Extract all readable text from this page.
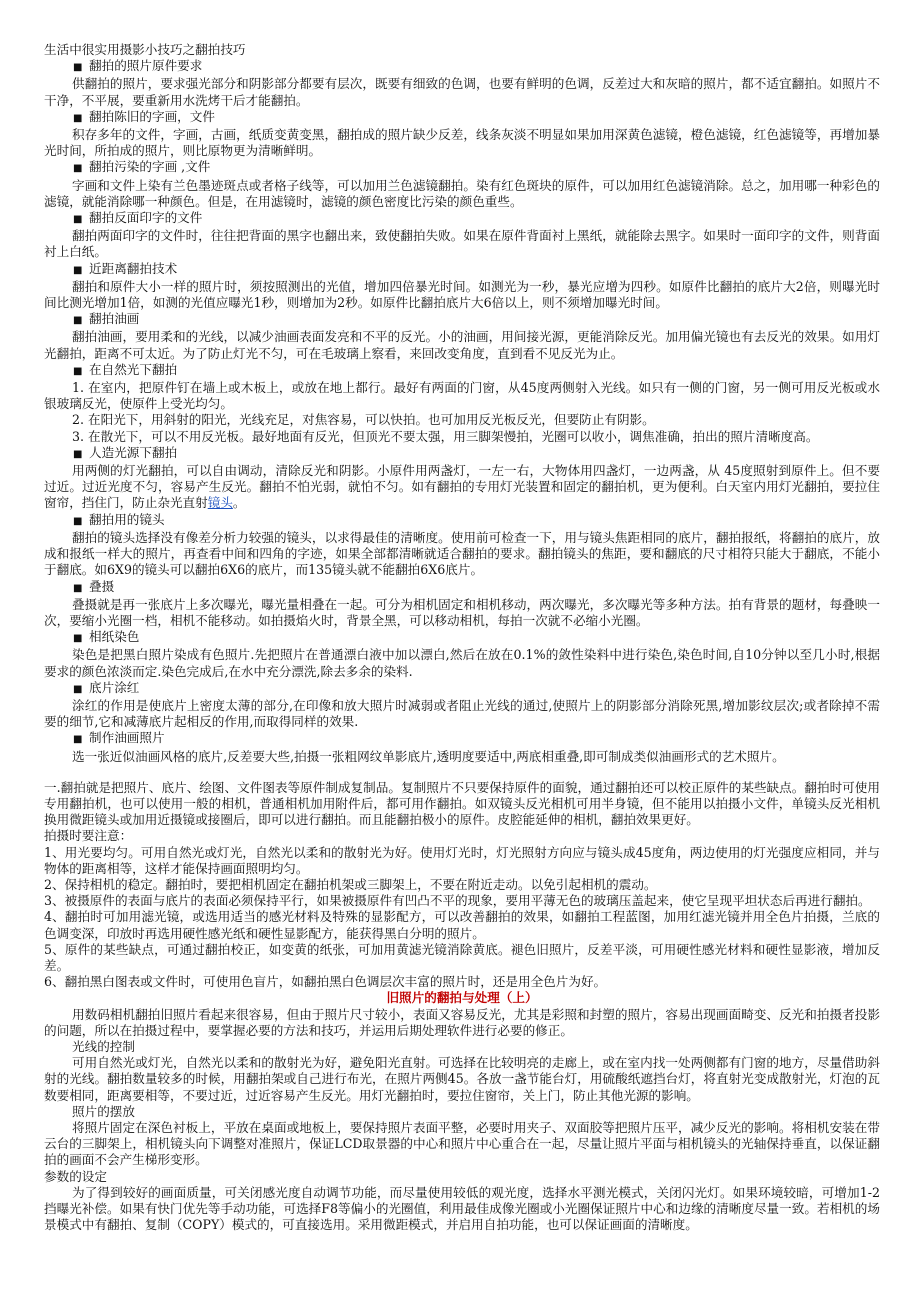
生活中很实用摄影小技巧之翻拍技巧

■ 翻拍的照片原件要求

供翻拍的照片，要求强光部分和阴影部分都要有层次，既要有细致的色调，也要有鲜明的色调，反差过大和灰暗的照片，都不适宜翻拍。如照片不干净，不平展，要重新用水洗烤干后才能翻拍。

■ 翻拍陈旧的字画，文件

积存多年的文件，字画，古画，纸质变黄变黑，翻拍成的照片缺少反差，线条灰淡不明显如果加用深黄色滤镜，橙色滤镜，红色滤镜等，再增加暴光时间，所拍成的照片，则比原物更为清晰鲜明。

■ 翻拍污染的字画 ,文件

字画和文件上染有兰色墨迹斑点或者格子线等，可以加用兰色滤镜翻拍。染有红色斑块的原件，可以加用红色滤镜消除。总之，加用哪一种彩色的滤镜，就能消除哪一种颜色。但是，在用滤镜时，滤镜的颜色密度比污染的颜色重些。

■ 翻拍反面印字的文件

翻拍两面印字的文件时，往往把背面的黑字也翻出来，致使翻拍失败。如果在原件背面衬上黑纸，就能除去黑字。如果时一面印字的文件，则背面衬上白纸。

■ 近距离翻拍技术

翻拍和原件大小一样的照片时，须按照测出的光值，增加四倍暴光时间。如测光为一秒，暴光应增为四秒。如原件比翻拍的底片大2倍，则曝光时间比测光增加1倍，如测的光值应曝光1秒，则增加为2秒。如原件比翻拍底片大6倍以上，则不须增加曝光时间。

■ 翻拍油画

翻拍油画，要用柔和的光线，以减少油画表面发亮和不平的反光。小的油画，用间接光源，更能消除反光。加用偏光镜也有去反光的效果。如用灯光翻拍，距离不可太近。为了防止灯光不匀，可在毛玻璃上察看，来回改变角度，直到看不见反光为止。

■ 在自然光下翻拍

1. 在室内，把原件钉在墙上或木板上，或放在地上都行。最好有两面的门窗，从45度两侧射入光线。如只有一侧的门窗，另一侧可用反光板或水银玻璃反光，使原件上受光均匀。

2. 在阳光下，用斜射的阳光，光线充足，对焦容易，可以快拍。也可加用反光板反光，但要防止有阴影。

3. 在散光下，可以不用反光板。最好地面有反光，但顶光不要太强，用三脚架慢拍，光圈可以收小，调焦准确，拍出的照片清晰度高。

■ 人造光源下翻拍

用两侧的灯光翻拍，可以自由调动，清除反光和阴影。小原件用两盏灯，一左一右，大物体用四盏灯，一边两盏，从 45度照射到原件上。但不要过近。过近光度不匀，容易产生反光。翻拍不怕光弱，就怕不匀。如有翻拍的专用灯光装置和固定的翻拍机，更为便利。白天室内用灯光翻拍，要拉住窗帘，挡住门，防止杂光直射镜头。

■ 翻拍用的镜头

翻拍的镜头选择没有像差分析力较强的镜头，以求得最佳的清晰度。使用前可检查一下，用与镜头焦距相同的底片，翻拍报纸，将翻拍的底片，放成和报纸一样大的照片，再查看中间和四角的字迹，如果全部都清晰就适合翻拍的要求。翻拍镜头的焦距，要和翻底的尺寸相符只能大于翻底，不能小于翻底。如6X9的镜头可以翻拍6X6的底片，而135镜头就不能翻拍6X6底片。

■ 叠摄

叠摄就是再一张底片上多次曝光，曝光量相叠在一起。可分为相机固定和相机移动，两次曝光，多次曝光等多种方法。拍有背景的题材，每叠映一次，要缩小光圈一档，相机不能移动。如拍摄焰火时，背景全黑，可以移动相机，每拍一次就不必缩小光圈。

■ 相纸染色

染色是把黑白照片染成有色照片.先把照片在普通漂白液中加以漂白,然后在放在0.1%的敛性染料中进行染色,染色时间,自10分钟以至几小时,根据要求的颜色浓淡而定.染色完成后,在水中充分漂洗,除去多余的染料.

■ 底片涂红

涂红的作用是使底片上密度太薄的部分,在印像和放大照片时减弱或者阻止光线的通过,使照片上的阴影部分消除死黑,增加影纹层次;或者除掉不需要的细节,它和减薄底片起相反的作用,而取得同样的效果.

■ 制作油画照片

选一张近似油画风格的底片,反差要大些,拍摄一张粗网纹单影底片,透明度要适中,两底相重叠,即可制成类似油画形式的艺术照片。

一.翻拍就是把照片、底片、绘图、文件图表等原件制成复制品。复制照片不只要保持原件的面貌，通过翻拍还可以校正原件的某些缺点。翻拍时可使用专用翻拍机，也可以使用一般的相机，普通相机加用附件后，都可用作翻拍。如双镜头反光相机可用半身镜，但不能用以拍摄小文件，单镜头反光相机换用微距镜头或加用近摄镜或接圈后，即可以进行翻拍。而且能翻拍极小的原件。皮腔能延伸的相机，翻拍效果更好。

拍摄时要注意：

1、用光要均匀。可用自然光或灯光，自然光以柔和的散射光为好。使用灯光时，灯光照射方向应与镜头成45度角，两边使用的灯光强度应相同，并与物体的距离相等，这样才能保持画面照明均匀。

2、保持相机的稳定。翻拍时，要把相机固定在翻拍机架或三脚架上，不要在附近走动。以免引起相机的震动。

3、被摄原件的表面与底片的表面必须保持平行，如果被摄原件有凹凸不平的现象，要用平薄无色的玻璃压盖起来，使它呈现平坦状态后再进行翻拍。

4、翻拍时可加用滤光镜，或选用适当的感光材料及特殊的显影配方，可以改善翻拍的效果，如翻拍工程蓝图，加用红滤光镜并用全色片拍摄，兰底的色调变深，印放时再选用硬性感光纸和硬性显影配方，能获得黑白分明的照片。

5、原件的某些缺点，可通过翻拍校正，如变黄的纸张，可加用黄滤光镜消除黄底。褪色旧照片，反差平淡，可用硬性感光材料和硬性显影液，增加反差。

6、翻拍黑白图表或文件时，可使用色盲片，如翻拍黑白色调层次丰富的照片时，还是用全色片为好。

旧照片的翻拍与处理（上）

用数码相机翻拍旧照片看起来很容易，但由于照片尺寸较小，表面又容易反光，尤其是彩照和封塑的照片，容易出现画面畸变、反光和拍摄者投影的问题，所以在拍摄过程中，要掌握必要的方法和技巧，并运用后期处理软件进行必要的修正。

光线的控制

可用自然光或灯光，自然光以柔和的散射光为好，避免阳光直射。可选择在比较明亮的走廊上，或在室内找一处两侧都有门窗的地方，尽量借助斜射的光线。翻拍数量较多的时候，用翻拍架或自己进行布光，在照片两侧45。各放一盏节能台灯，用硫酸纸遮挡台灯，将直射光变成散射光，灯泡的瓦数要相同，距离要相等，不要过近，过近容易产生反光。用灯光翻拍时，要拉住窗帘，关上门，防止其他光源的影响。

照片的摆放

将照片固定在深色衬板上，平放在桌面或地板上，要保持照片表面平整，必要时用夹子、双面胶等把照片压平，减少反光的影响。将相机安装在带云台的三脚架上，相机镜头向下调整对准照片，保证LCD取景器的中心和照片中心重合在一起，尽量让照片平面与相机镜头的光轴保持垂直，以保证翻拍的画面不会产生梯形变形。

参数的设定

为了得到较好的画面质量，可关闭感光度自动调节功能，而尽量使用较低的观光度，选择水平测光模式，关闭闪光灯。如果环境较暗，可增加1-2挡曝光补偿。如果有快门优先等手动功能，可选择F8等偏小的光圈值，利用最佳成像光圈或小光圈保证照片中心和边缘的清晰度尽量一致。若相机的场景模式中有翻拍、复制（COPY）模式的，可直接选用。采用微距模式，并启用自拍功能，也可以保证画面的清晰度。
